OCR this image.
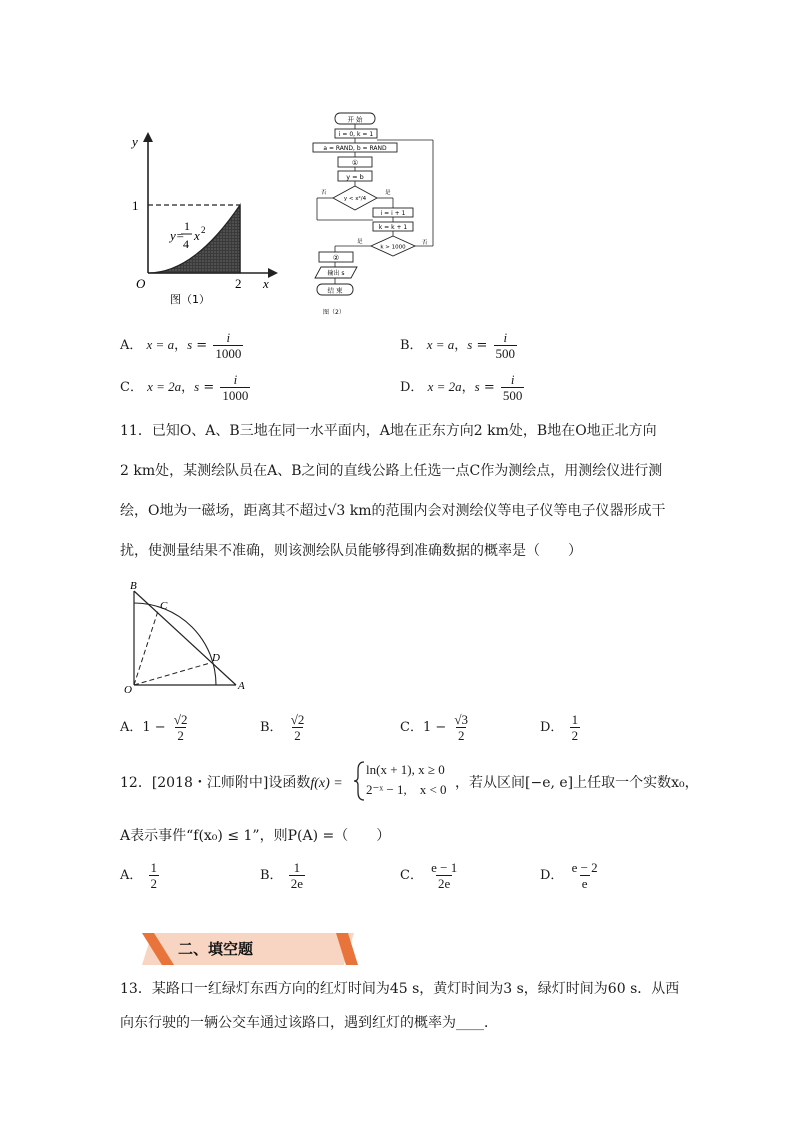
y
x
O	2
1
y=
1
4
x 2
图（1）
开 始
i = 0, k = 1
a = RAND, b = RAND
①
y = b
y < x²/4
否	是
i = i + 1
k = k + 1
k > 1000
否
是
②
输出 s
结 束
图（2）
A． x = a，$s = \frac{i}{1000}$	B． x = a，$s = \frac{i}{500}$
C． x = 2a，$s = \frac{i}{1000}$	D． x = 2a，$s = \frac{i}{500}$
11．已知O、A、B三地在同一水平面内，A地在正东方向2 km处，B地在O地正北方向
2 km处，某测绘队员在A、B之间的直线公路上任选一点C作为测绘点，用测绘仪进行测
绘，O地为一磁场，距离其不超过√3 km的范围内会对测绘仪等电子仪等电子仪器形成干
扰，使测量结果不准确，则该测绘队员能够得到准确数据的概率是（　　）
B
C
D
O	A
A．$1 - \frac{√2}{2}$	B． $\frac{√2}{2}$	C．$1 - \frac{√3}{2}$	D． $\frac{1}{2}$
12．[2018・江师附中]设函数f(x) =
ln(x + 1), x ≥ 0
2⁻ˣ − 1,　x < 0 ，若从区间[−e, e]上任取一个实数x₀，
A表示事件“f(x₀) ≤ 1”，则P(A) =（　　）
A． $\frac{1}{2}$	B． $\frac{1}{2e}$	C． $\frac{e - 1}{2e}$	D． $\frac{e - 2}{e}$
二、填空题
13．某路口一红绿灯东西方向的红灯时间为45 s，黄灯时间为3 s，绿灯时间为60 s．从西
向东行驶的一辆公交车通过该路口，遇到红灯的概率为____．
